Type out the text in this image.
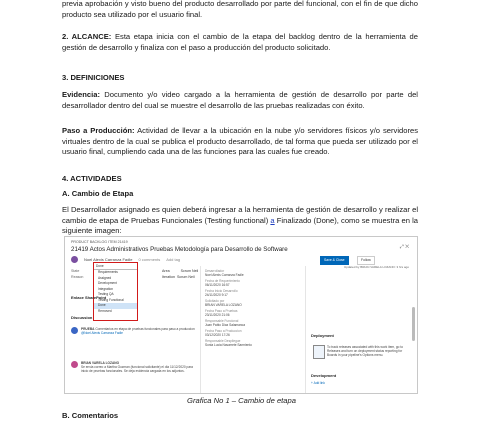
previa aprobación y visto bueno del producto desarrollado por parte del funcional, con el fin de que dicho producto sea utilizado por el usuario final.

2. ALCANCE: Esta etapa inicia con el cambio de la etapa del backlog dentro de la herramienta de gestión de desarrollo y finaliza con el paso a producción del producto solicitado.

3. DEFINICIONES

Evidencia: Documento y/o video cargado a la herramienta de gestión de desarrollo por parte del desarrollador dentro del cual se muestre el desarrollo de las pruebas realizadas con éxito.

Paso a Producción: Actividad de llevar a la ubicación en la nube y/o servidores físicos y/o servidores virtuales dentro de la cual se publica el producto desarrollado, de tal forma que pueda ser utilizado por el usuario final, cumpliendo cada una de las funciones para las cuales fue creado.

4. ACTIVIDADES

A. Cambio de Etapa

El Desarrollador asignado es quien deberá ingresar a la herramienta de gestión de desarrollo y realizar el cambio de etapa de Pruebas Funcionales (Testing functional) a Finalizado (Done), como se muestra en la siguiente imagen:

PRODUCT BACKLOG ITEM 21419
21419 Actos Administrativos Pruebas Metodología para Desarrollo de Software	⤢ ✕
Noel Alexis Carranza Fadle 0 comments Add tag	Save & Close	Follow
Updated by BRIAN VARELA LOZANO: 3 hrs ago
State	Area	Scrum Neil
Reason	Iteration Scrum Neil
Done
Requirements
Assigned
Development
Integration
Testing QA
Testing Functional
Done
Removed
Enlace SharePoint
Discussion
PRUEBA Comentarios en etapa de pruebas funcionales para paso a produccion
@Noel Alexis Carranza Fadle
BRIAN VARELA LOZANO
Se envia correo a Martha Guzman (funcional solicitante) el dia 11/12/2020 para inicio de pruebas funcionales. Se deja evidencia cargada en los adjuntos.
Desarrollador
Noel Alexis Carranza Fadle
Fecha de Requerimiento
06/11/2020 16:57
Fecha Inicio Desarrollo
24/11/2020 9:17
Solicitado por
BRIAN VARELA LOZANO
Fecha Paso a Pruebas
23/11/2020 21:06
Responsable Funcional
Juan Pablo Diaz Salamanca
Fecha Paso a Produccion
03/12/2020 17:26
Responsable Despliegue
Sonia Lucia Navarrete Sarmiento
Deployment
To track releases associated with this work item, go to Releases and turn on deployment status reporting for Boards in your pipeline's Options menu.
Development
+ Add link
Grafica No 1 – Cambio de etapa

B. Comentarios
